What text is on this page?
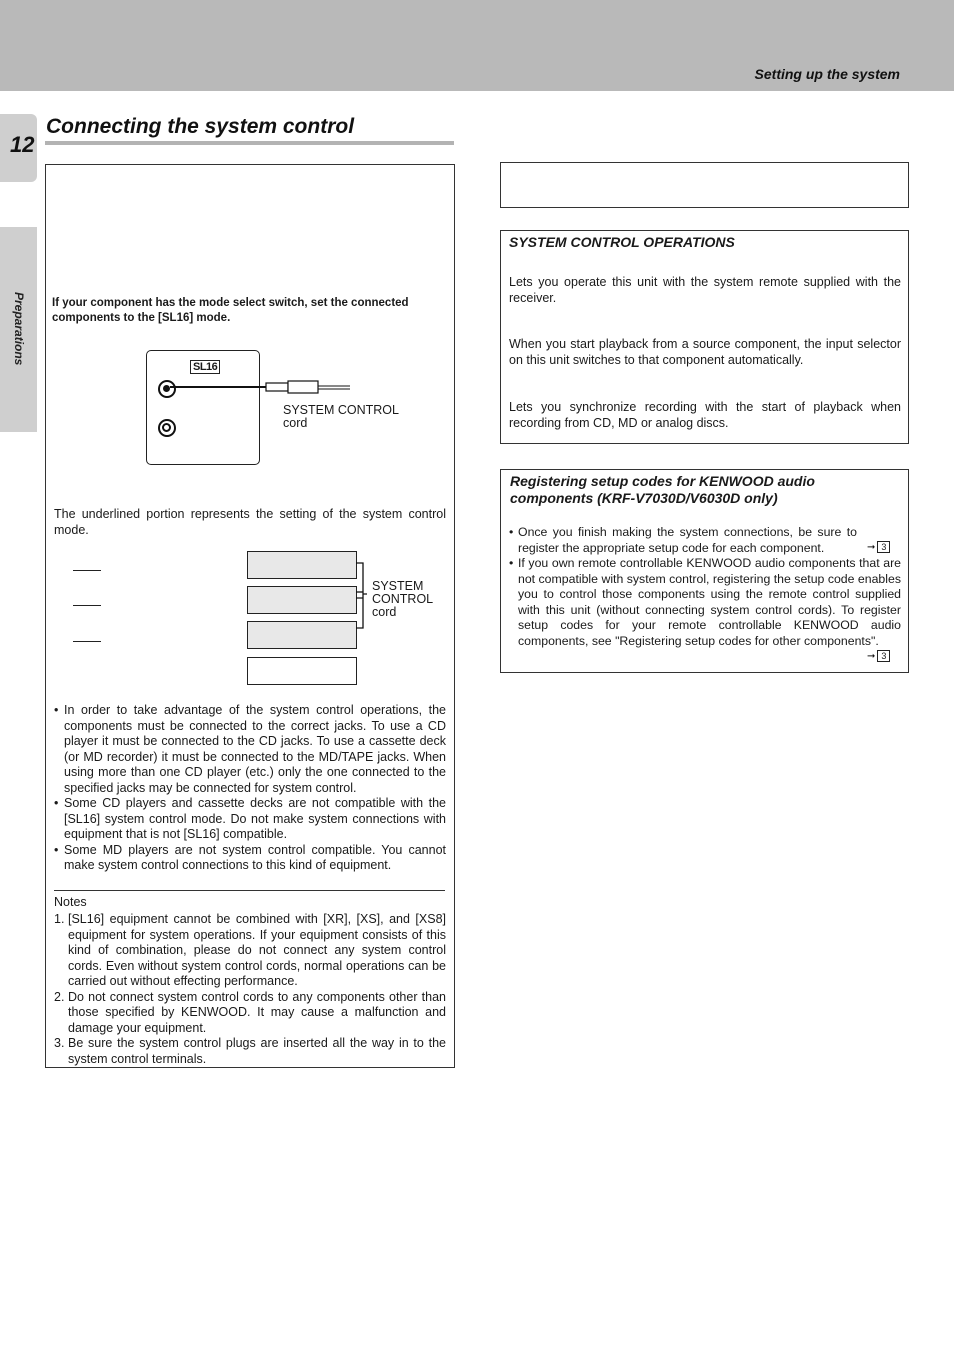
Setting up the system
12
Preparations
Connecting the system control
If your component has the mode select switch, set the connected components to the [SL16] mode.
SL16
SYSTEM CONTROL
cord
The underlined portion represents the setting of the system control mode.
SYSTEM
CONTROL
cord
• In order to take advantage of the system control operations, the components must be connected to the correct jacks. To use a CD player it must be connected to the CD jacks. To use a cassette deck (or MD recorder) it must be connected to the MD/TAPE jacks. When using more than one CD player (etc.) only the one connected to the specified jacks may be connected for system control.
• Some CD players and cassette decks are not compatible with the [SL16] system control mode. Do not make system connections with equipment that is not [SL16] compatible.
• Some MD players are not system control compatible. You cannot make system control connections to this kind of equipment.
Notes
1. [SL16] equipment cannot be combined with [XR], [XS], and [XS8] equipment for system operations. If your equipment consists of this kind of combination, please do not connect any system control cords. Even without system control cords, normal operations can be carried out without effecting performance.
2. Do not connect system control cords to any components other than those specified by KENWOOD. It may cause a malfunction and damage your equipment.
3. Be sure the system control plugs are inserted all the way in to the system control terminals.
SYSTEM CONTROL OPERATIONS
Lets you operate this unit with the system remote supplied with the receiver.
When you start playback from a source component, the input selector on this unit switches to that component automatically.
Lets you synchronize recording with the start of playback when recording from CD, MD or analog discs.
Registering setup codes for KENWOOD audio components (KRF-V7030D/V6030D only)
• Once you finish making the system connections, be sure to register the appropriate setup code for each component.
• If you own remote controllable KENWOOD audio components that are not compatible with system control, registering the setup code enables you to control those components using the remote control supplied with this unit (without connecting system control cords). To register setup codes for your remote controllable KENWOOD audio components, see "Registering setup codes for other components".
➞ 3
➞ 3
